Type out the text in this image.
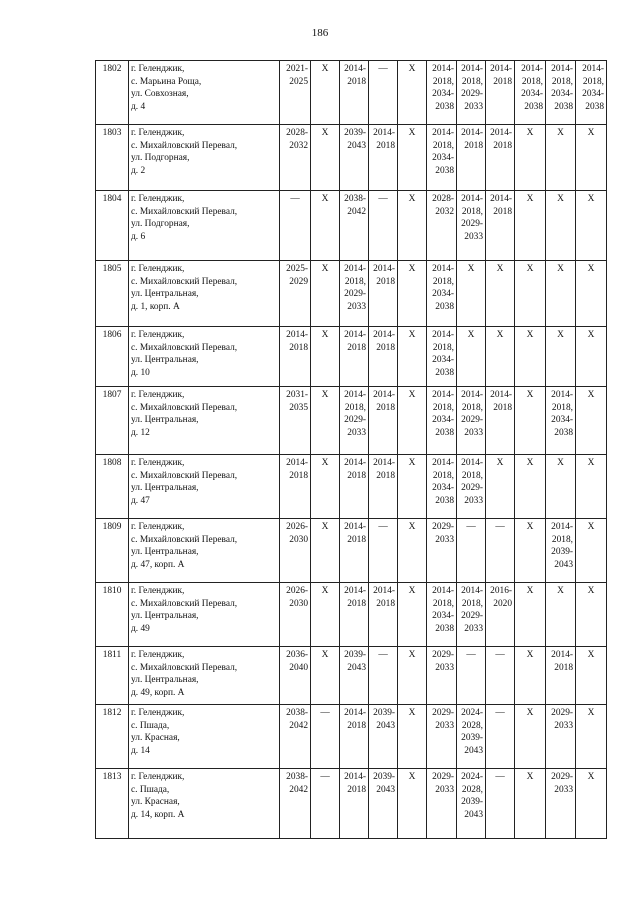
186
1802	г. Геленджик,
с. Марьина Роща,
ул. Совхозная,
д. 4	2021-
2025	Х	2014-
2018	—	Х	2014-
2018,
2034-
2038	2014-
2018,
2029-
2033	2014-
2018	2014-
2018,
2034-
2038	2014-
2018,
2034-
2038	2014-
2018,
2034-
2038

1803	г. Геленджик,
с. Михайловский Перевал,
ул. Подгорная,
д. 2	2028-
2032	Х	2039-
2043	2014-
2018	Х	2014-
2018,
2034-
2038	2014-
2018	2014-
2018	Х	Х	Х

1804	г. Геленджик,
с. Михайловский Перевал,
ул. Подгорная,
д. 6	—	Х	2038-
2042	—	Х	2028-
2032	2014-
2018,
2029-
2033	2014-
2018	Х	Х	Х

1805	г. Геленджик,
с. Михайловский Перевал,
ул. Центральная,
д. 1, корп. А	2025-
2029	Х	2014-
2018,
2029-
2033	2014-
2018	Х	2014-
2018,
2034-
2038	Х	Х	Х	Х	Х

1806	г. Геленджик,
с. Михайловский Перевал,
ул. Центральная,
д. 10	2014-
2018	Х	2014-
2018	2014-
2018	Х	2014-
2018,
2034-
2038	Х	Х	Х	Х	Х

1807	г. Геленджик,
с. Михайловский Перевал,
ул. Центральная,
д. 12	2031-
2035	Х	2014-
2018,
2029-
2033	2014-
2018	Х	2014-
2018,
2034-
2038	2014-
2018,
2029-
2033	2014-
2018	Х	2014-
2018,
2034-
2038	Х

1808	г. Геленджик,
с. Михайловский Перевал,
ул. Центральная,
д. 47	2014-
2018	Х	2014-
2018	2014-
2018	Х	2014-
2018,
2034-
2038	2014-
2018,
2029-
2033	Х	Х	Х	Х

1809	г. Геленджик,
с. Михайловский Перевал,
ул. Центральная,
д. 47, корп. А	2026-
2030	Х	2014-
2018	—	Х	2029-
2033	—	—	Х	2014-
2018,
2039-
2043	Х

1810	г. Геленджик,
с. Михайловский Перевал,
ул. Центральная,
д. 49	2026-
2030	Х	2014-
2018	2014-
2018	Х	2014-
2018,
2034-
2038	2014-
2018,
2029-
2033	2016-
2020	Х	Х	Х

1811	г. Геленджик,
с. Михайловский Перевал,
ул. Центральная,
д. 49, корп. А	2036-
2040	Х	2039-
2043	—	Х	2029-
2033	—	—	Х	2014-
2018	Х

1812	г. Геленджик,
с. Пшада,
ул. Красная,
д. 14	2038-
2042	—	2014-
2018	2039-
2043	Х	2029-
2033	2024-
2028,
2039-
2043	—	Х	2029-
2033	Х

1813	г. Геленджик,
с. Пшада,
ул. Красная,
д. 14, корп. А	2038-
2042	—	2014-
2018	2039-
2043	Х	2029-
2033	2024-
2028,
2039-
2043	—	Х	2029-
2033	Х
